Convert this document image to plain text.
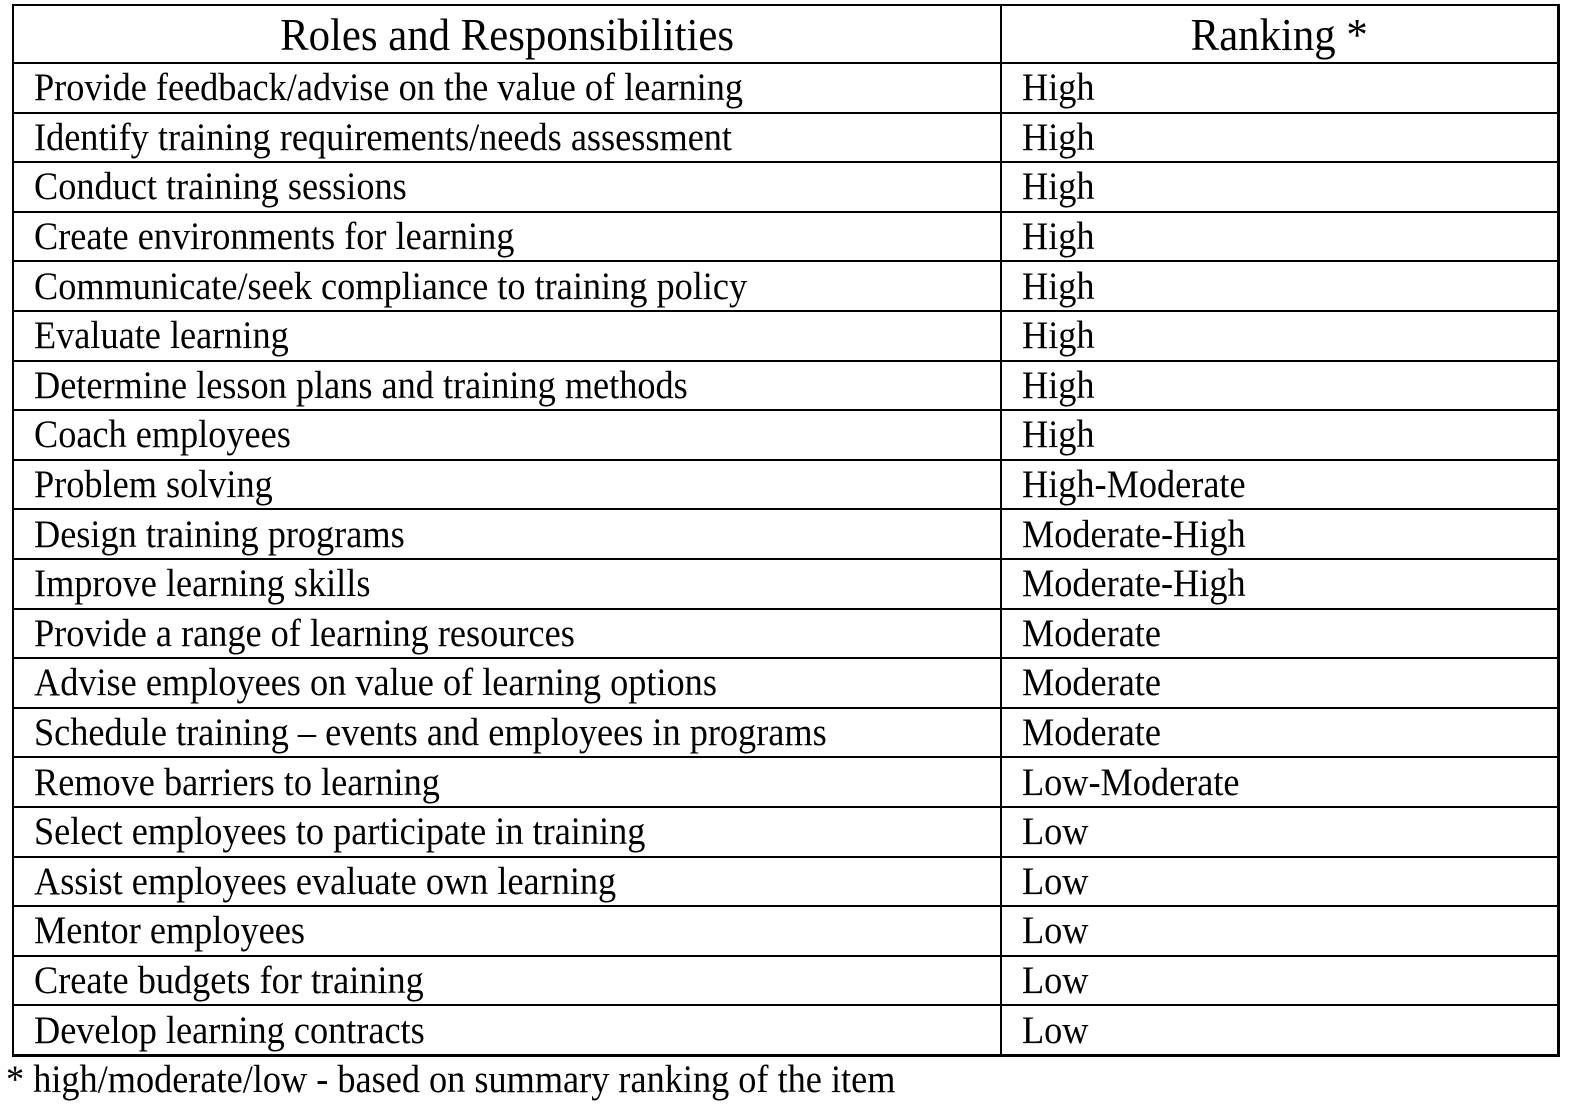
Roles and Responsibilities	Ranking *
Provide feedback/advise on the value of learning	High
Identify training requirements/needs assessment	High
Conduct training sessions	High
Create environments for learning	High
Communicate/seek compliance to training policy	High
Evaluate learning	High
Determine lesson plans and training methods	High
Coach employees	High
Problem solving	High-Moderate
Design training programs	Moderate-High
Improve learning skills	Moderate-High
Provide a range of learning resources	Moderate
Advise employees on value of learning options	Moderate
Schedule training – events and employees in programs	Moderate
Remove barriers to learning	Low-Moderate
Select employees to participate in training	Low
Assist employees evaluate own learning	Low
Mentor employees	Low
Create budgets for training	Low
Develop learning contracts	Low
* high/moderate/low - based on summary ranking of the item
